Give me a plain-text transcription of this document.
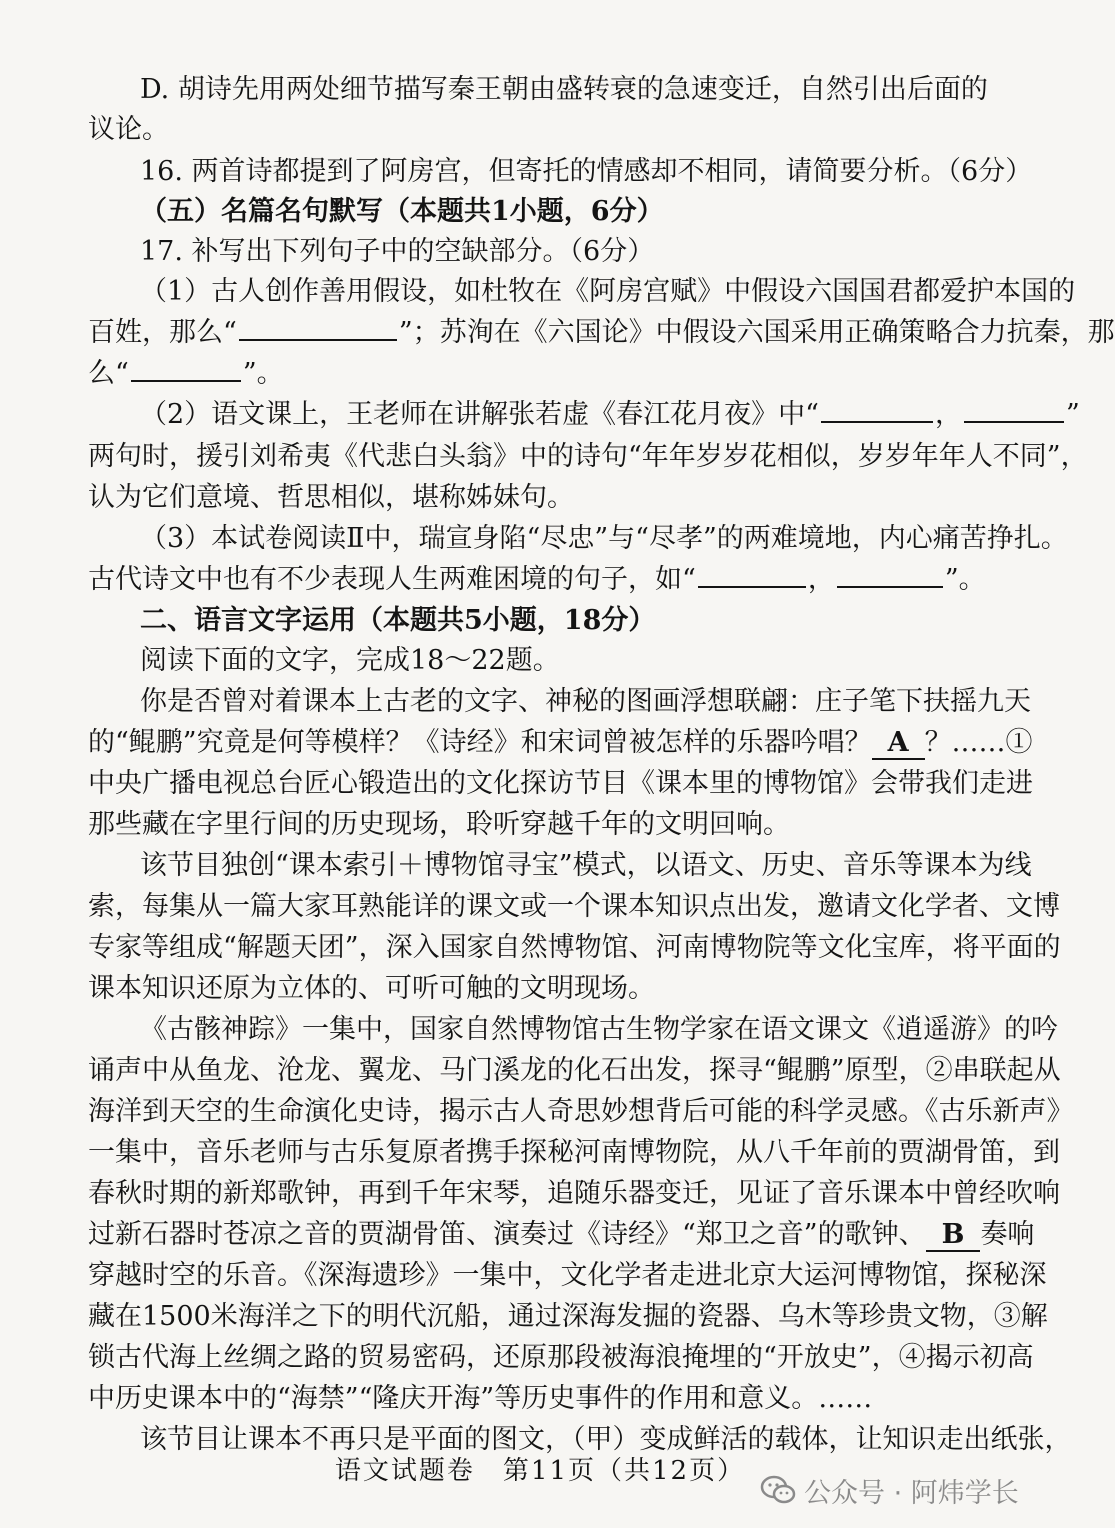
D. 胡诗先用两处细节描写秦王朝由盛转衰的急速变迁，自然引出后面的
议论。
16. 两首诗都提到了阿房宫，但寄托的情感却不相同，请简要分析。（6分）
（五）名篇名句默写（本题共1小题，6分）
17. 补写出下列句子中的空缺部分。（6分）
（1）古人创作善用假设，如杜牧在《阿房宫赋》中假设六国国君都爱护本国的
百姓，那么“	”；苏洵在《六国论》中假设六国采用正确策略合力抗秦，那
么“	”。
（2）语文课上，王老师在讲解张若虚《春江花月夜》中“	，	”
两句时，援引刘希夷《代悲白头翁》中的诗句“年年岁岁花相似，岁岁年年人不同”，
认为它们意境、哲思相似，堪称姊妹句。
（3）本试卷阅读Ⅱ中，瑞宣身陷“尽忠”与“尽孝”的两难境地，内心痛苦挣扎。
古代诗文中也有不少表现人生两难困境的句子，如“	，	”。
二、语言文字运用（本题共5小题，18分）
阅读下面的文字，完成18～22题。
你是否曾对着课本上古老的文字、神秘的图画浮想联翩：庄子笔下扶摇九天
的“鲲鹏”究竟是何等模样？《诗经》和宋词曾被怎样的乐器吟唱？ A ？……①
中央广播电视总台匠心锻造出的文化探访节目《课本里的博物馆》会带我们走进
那些藏在字里行间的历史现场，聆听穿越千年的文明回响。
该节目独创“课本索引＋博物馆寻宝”模式，以语文、历史、音乐等课本为线
索，每集从一篇大家耳熟能详的课文或一个课本知识点出发，邀请文化学者、文博
专家等组成“解题天团”，深入国家自然博物馆、河南博物院等文化宝库，将平面的
课本知识还原为立体的、可听可触的文明现场。
《古骸神踪》一集中，国家自然博物馆古生物学家在语文课文《逍遥游》的吟
诵声中从鱼龙、沧龙、翼龙、马门溪龙的化石出发，探寻“鲲鹏”原型，②串联起从
海洋到天空的生命演化史诗，揭示古人奇思妙想背后可能的科学灵感。《古乐新声》
一集中，音乐老师与古乐复原者携手探秘河南博物院，从八千年前的贾湖骨笛，到
春秋时期的新郑歌钟，再到千年宋琴，追随乐器变迁，见证了音乐课本中曾经吹响
过新石器时苍凉之音的贾湖骨笛、演奏过《诗经》“郑卫之音”的歌钟、 B 奏响
穿越时空的乐音。《深海遗珍》一集中，文化学者走进北京大运河博物馆，探秘深
藏在1500米海洋之下的明代沉船，通过深海发掘的瓷器、乌木等珍贵文物，③解
锁古代海上丝绸之路的贸易密码，还原那段被海浪掩埋的“开放史”，④揭示初高
中历史课本中的“海禁”“隆庆开海”等历史事件的作用和意义。……
该节目让课本不再只是平面的图文，（甲）变成鲜活的载体，让知识走出纸张，
语文试题卷　第11页（共12页）
公众号 · 阿炜学长
